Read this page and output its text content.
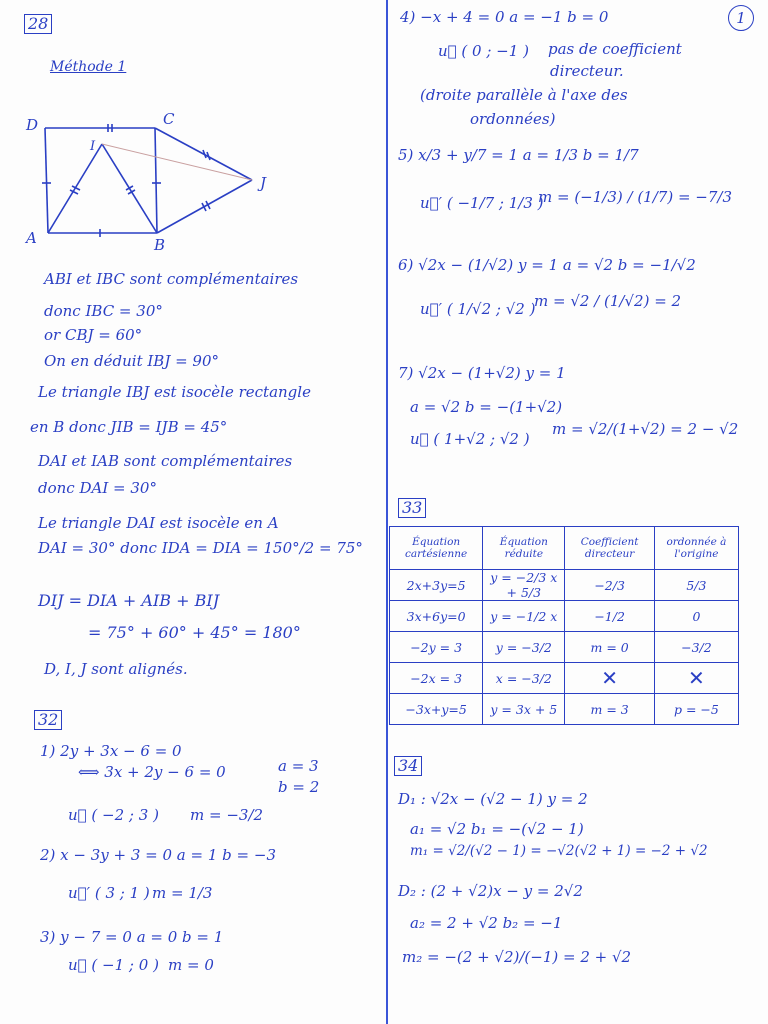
28
Méthode 1
D	C
I
J
A	B
ABI et IBC sont complémentaires
donc IBC = 30°
or CBJ = 60°
On en déduit IBJ = 90°
Le triangle IBJ est isocèle rectangle
en B donc JIB = IJB = 45°
DAI et IAB sont complémentaires
donc DAI = 30°
Le triangle DAI est isocèle en A
DAI = 30° donc IDA = DIA = 150°/2 = 75°
DIJ = DIA + AIB + BIJ
= 75° + 60° + 45° = 180°
D, I, J sont alignés.
32
1) 2y + 3x − 6 = 0
⟺ 3x + 2y − 6 = 0	a = 3
b = 2
u⃗ ( −2 ; 3 ) m = −3/2
2) x − 3y + 3 = 0 a = 1 b = −3
u⃗′ ( 3 ; 1 ) m = 1/3
3) y − 7 = 0 a = 0 b = 1
u⃗ ( −1 ; 0 ) m = 0
1
4) −x + 4 = 0 a = −1 b = 0
u⃗ ( 0 ; −1 ) pas de coefficient
directeur.
(droite parallèle à l'axe des
ordonnées)
5) x/3 + y/7 = 1 a = 1/3 b = 1/7
u⃗′ ( −1/7 ; 1/3 )
m = (−1/3) / (1/7) = −7/3
6) √2x − (1/√2) y = 1 a = √2 b = −1/√2
u⃗′ ( 1/√2 ; √2 )
m = √2 / (1/√2) = 2
7) √2x − (1+√2) y = 1
a = √2 b = −(1+√2)
u⃗ ( 1+√2 ; √2 )
m = √2/(1+√2) = 2 − √2
33
Équation cartésienne	Équation réduite	Coefficient directeur	ordonnée à l'origine
2x+3y=5	y = −2/3 x + 5/3	−2/3	5/3
3x+6y=0	y = −1/2 x	−1/2	0
−2y = 3	y = −3/2	m = 0	−3/2
−2x = 3	x = −3/2	✕	✕
−3x+y=5	y = 3x + 5	m = 3	p = −5
34
D₁ : √2x − (√2 − 1) y = 2
a₁ = √2 b₁ = −(√2 − 1)
m₁ = √2/(√2 − 1) = −√2(√2 + 1) = −2 + √2
D₂ : (2 + √2)x − y = 2√2
a₂ = 2 + √2 b₂ = −1
m₂ = −(2 + √2)/(−1) = 2 + √2
